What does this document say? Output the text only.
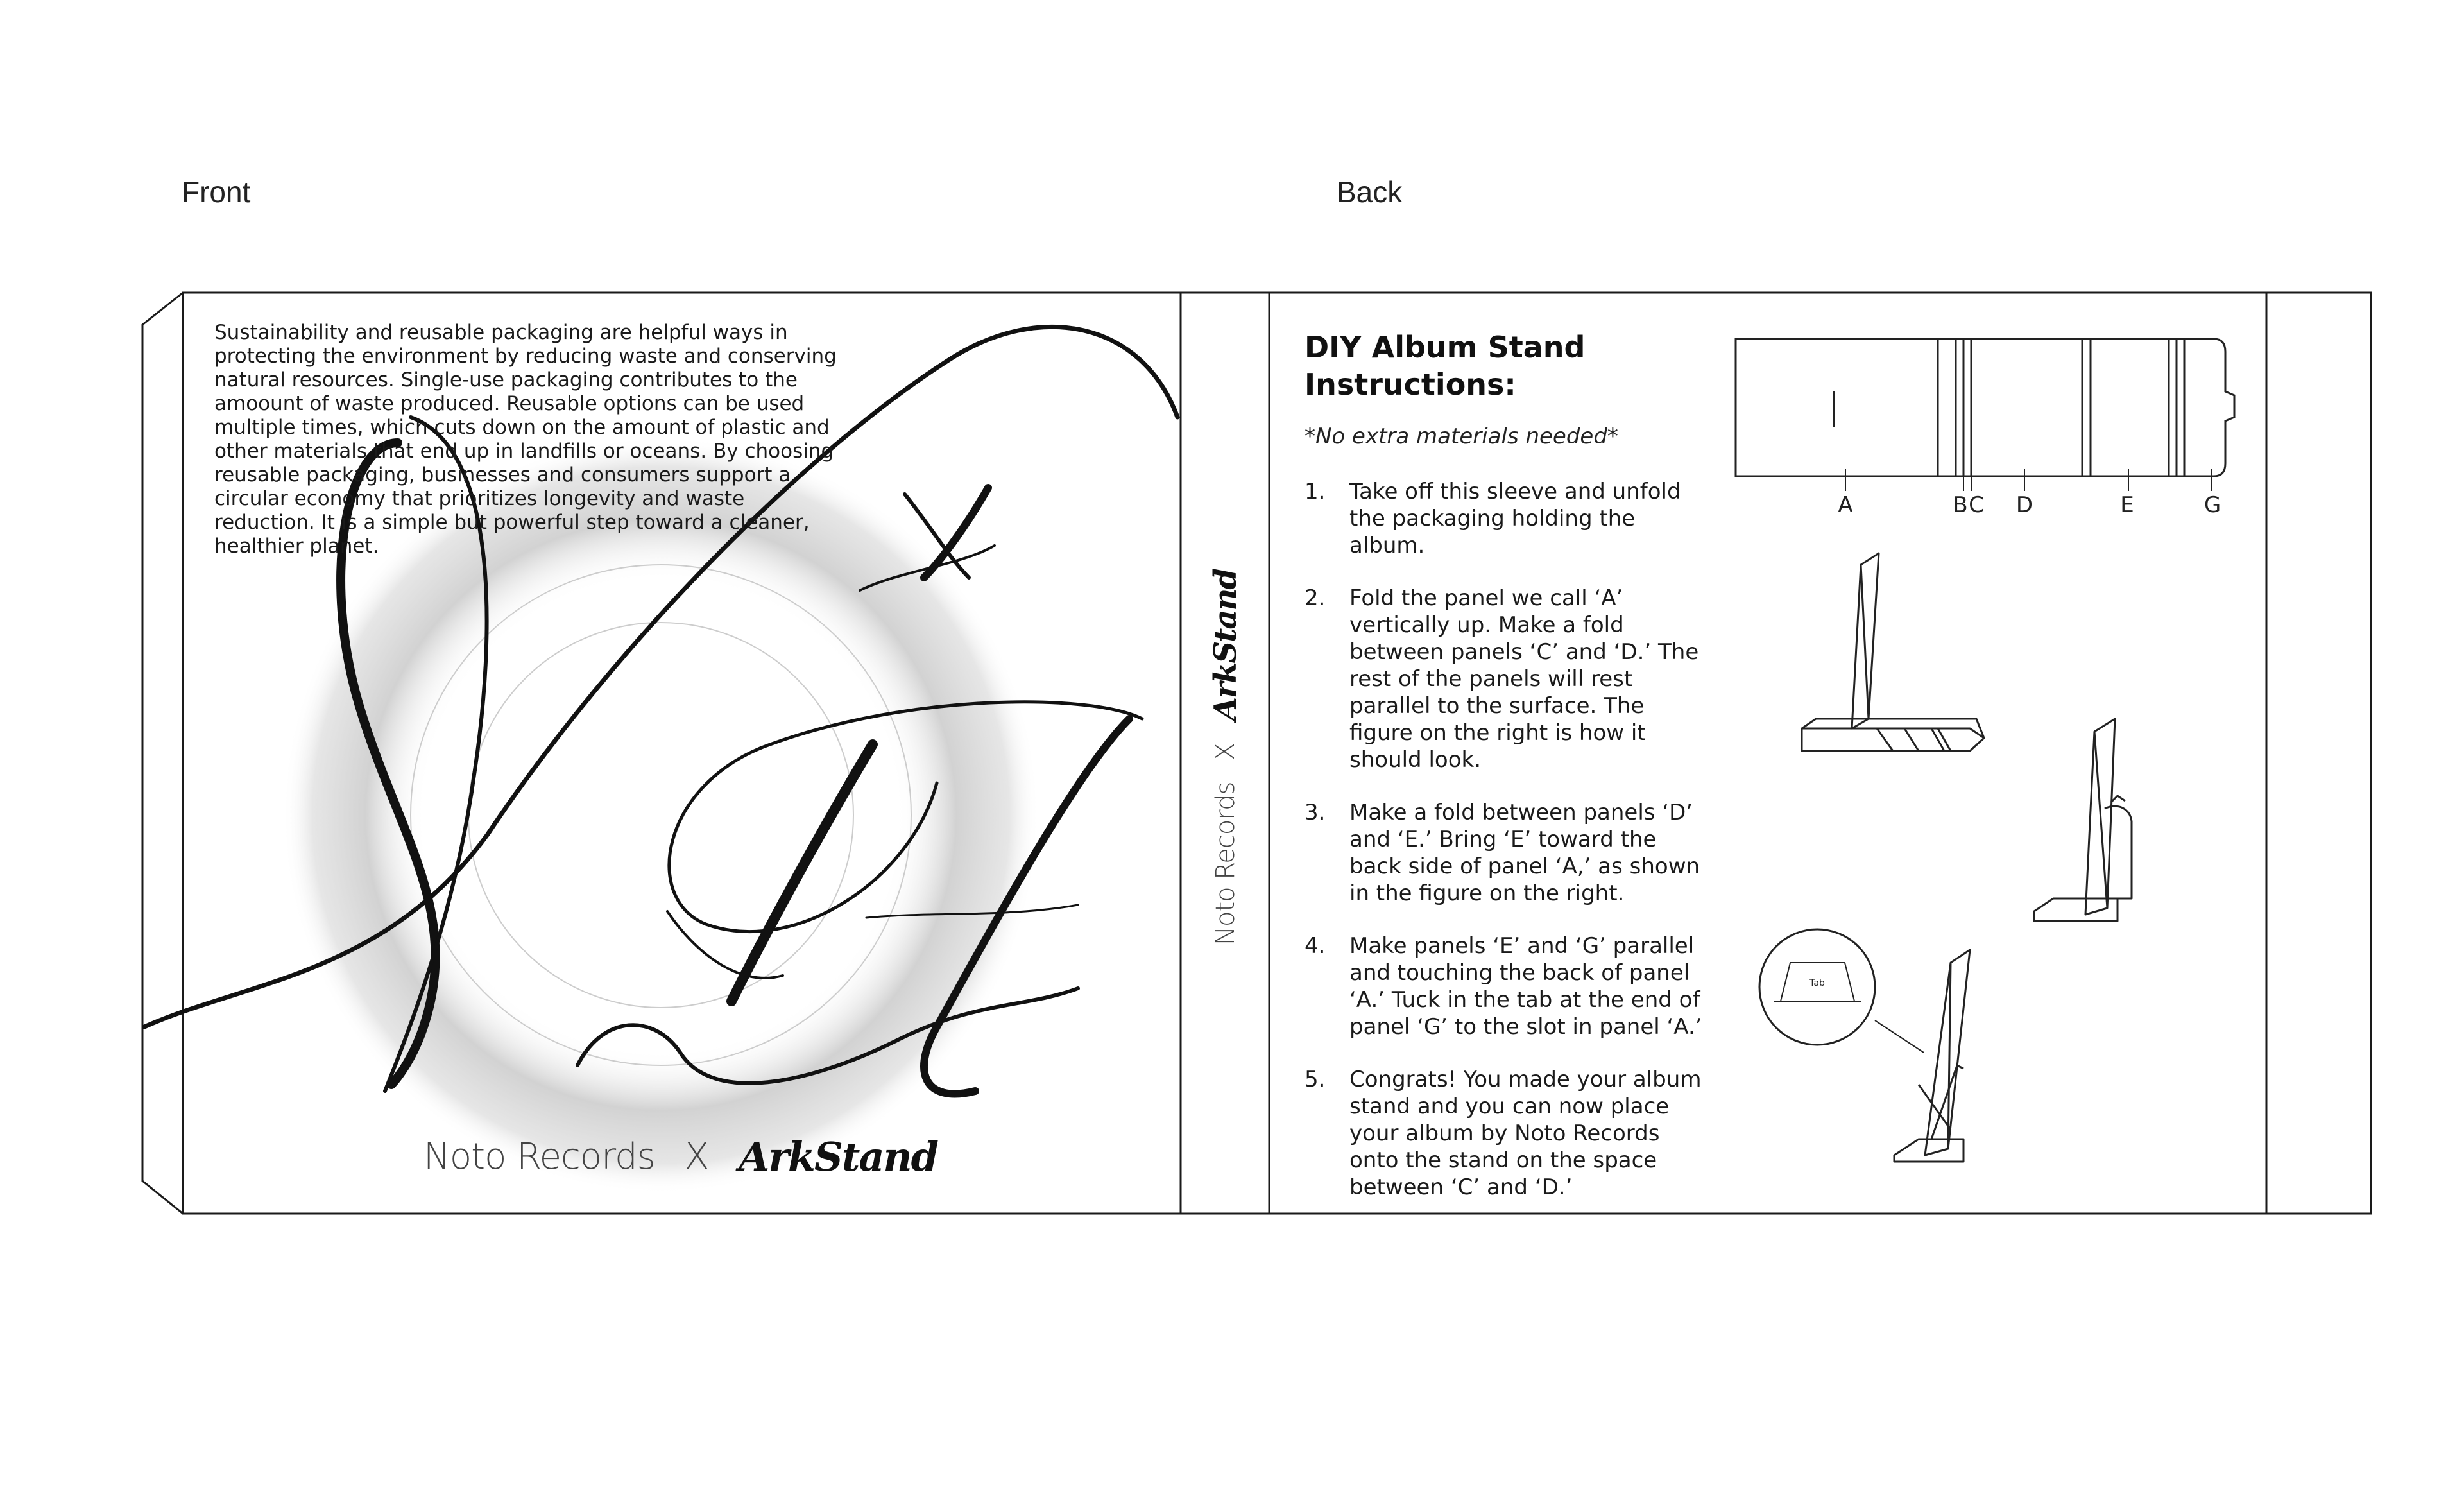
Front	Back
A	B C D	E	G
Tab
Sustainability and reusable packaging are helpful ways in protecting the environment by reducing waste and conserving natural resources. Single-use packaging contributes to the amoount of waste produced. Reusable options can be used multiple times, which cuts down on the amount of plastic and other materials that end up in landfills or oceans. By choosing reusable packaging, businesses and consumers support a circular economy that prioritizes longevity and waste reduction. It is a simple but powerful step toward a cleaner, healthier planet.
Noto Records X ArkStand
Noto Records
X
ArkStand
DIY Album Stand Instructions:
*No extra materials needed*
1.	Take off this sleeve and unfold the packaging holding the album.
2.	Fold the panel we call ‘A’ vertically up. Make a fold between panels ‘C’ and ‘D.’ The rest of the panels will rest parallel to the surface. The figure on the right is how it should look.
3.	Make a fold between panels ‘D’ and ‘E.’ Bring ‘E’ toward the back side of panel ‘A,’ as shown in the figure on the right.
4.	Make panels ‘E’ and ‘G’ parallel and touching the back of panel ‘A.’ Tuck in the tab at the end of panel ‘G’ to the slot in panel ‘A.’
5.	Congrats! You made your album stand and you can now place your album by Noto Records onto the stand on the space between ‘C’ and ‘D.’
